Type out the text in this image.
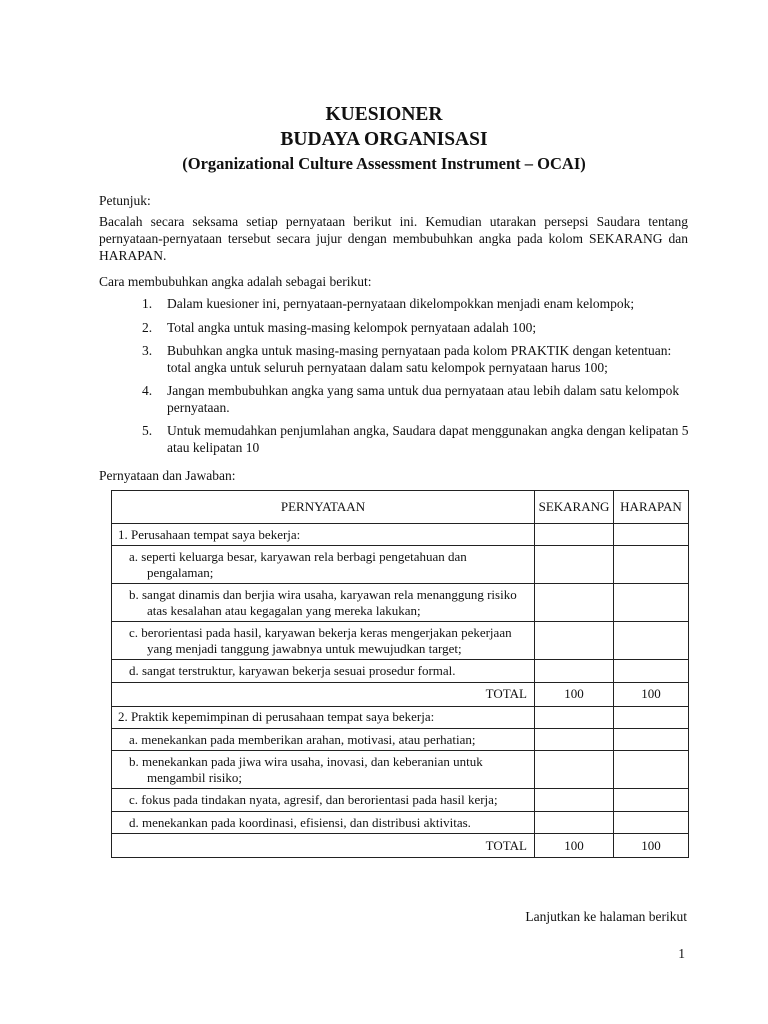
KUESIONER
BUDAYA ORGANISASI
(Organizational Culture Assessment Instrument – OCAI)
Petunjuk:
Bacalah secara seksama setiap pernyataan berikut ini. Kemudian utarakan persepsi Saudara tentang pernyataan-pernyataan tersebut secara jujur dengan membubuhkan angka pada kolom SEKARANG dan HARAPAN.
Cara membubuhkan angka adalah sebagai berikut:
1. Dalam kuesioner ini, pernyataan-pernyataan dikelompokkan menjadi enam kelompok;
2. Total angka untuk masing-masing kelompok pernyataan adalah 100;
3. Bubuhkan angka untuk masing-masing pernyataan pada kolom PRAKTIK dengan ketentuan: total angka untuk seluruh pernyataan dalam satu kelompok pernyataan harus 100;
4. Jangan membubuhkan angka yang sama untuk dua pernyataan atau lebih dalam satu kelompok pernyataan.
5. Untuk memudahkan penjumlahan angka, Saudara dapat menggunakan angka dengan kelipatan 5 atau kelipatan 10
Pernyataan dan Jawaban:
PERNYATAAN	SEKARANG	HARAPAN
1. Perusahaan tempat saya bekerja:		

a. seperti keluarga besar, karyawan rela berbagi pengetahuan dan pengalaman;		

b. sangat dinamis dan berjia wira usaha, karyawan rela menanggung risiko atas kesalahan atau kegagalan yang mereka lakukan;		

c. berorientasi pada hasil, karyawan bekerja keras mengerjakan pekerjaan yang menjadi tanggung jawabnya untuk mewujudkan target;		

d. sangat terstruktur, karyawan bekerja sesuai prosedur formal.		

TOTAL	100	100
2. Praktik kepemimpinan di perusahaan tempat saya bekerja:		

a. menekankan pada memberikan arahan, motivasi, atau perhatian;		

b. menekankan pada jiwa wira usaha, inovasi, dan keberanian untuk mengambil risiko;		

c. fokus pada tindakan nyata, agresif, dan berorientasi pada hasil kerja;		

d. menekankan pada koordinasi, efisiensi, dan distribusi aktivitas.		

TOTAL	100	100
Lanjutkan ke halaman berikut
1
